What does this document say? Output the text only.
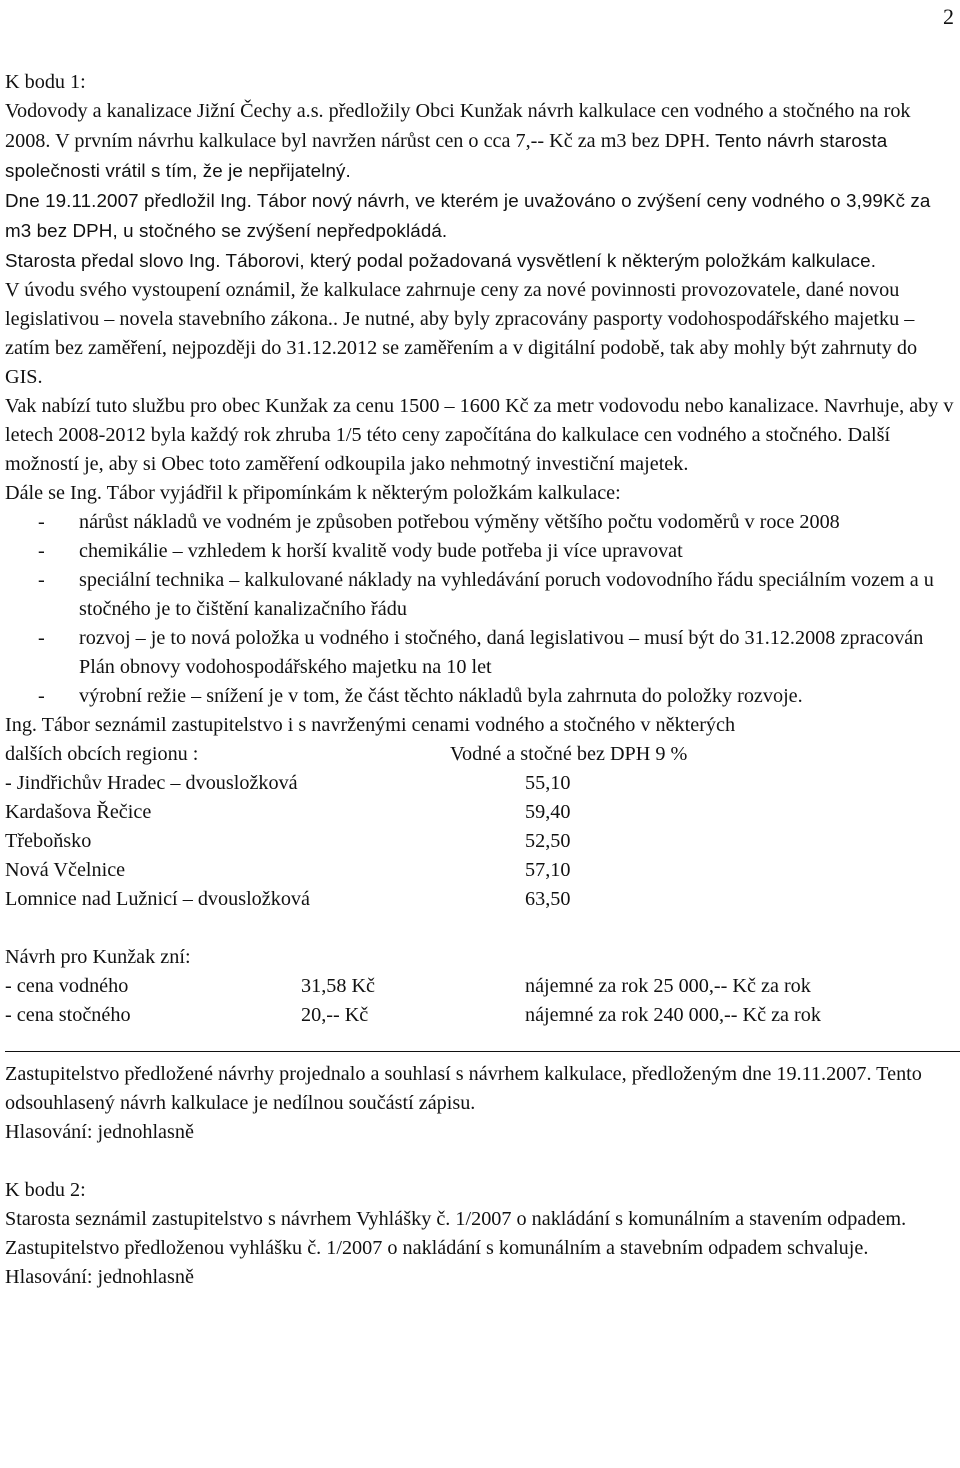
2

K bodu 1:

Vodovody a kanalizace Jižní Čechy a.s. předložily Obci Kunžak návrh kalkulace cen vodného a stočného na rok 2008. V prvním návrhu kalkulace byl navržen nárůst cen o cca 7,-- Kč za m3 bez DPH. Tento návrh starosta společnosti vrátil s tím, že je nepřijatelný.
Dne 19.11.2007 předložil Ing. Tábor nový návrh, ve kterém je uvažováno o zvýšení ceny vodného o 3,99Kč za m3 bez DPH, u stočného se zvýšení nepředpokládá.
Starosta předal slovo Ing. Táborovi, který podal požadovaná vysvětlení k některým položkám kalkulace.

V úvodu svého vystoupení oznámil, že kalkulace zahrnuje ceny za nové povinnosti provozovatele, dané novou legislativou – novela stavebního zákona.. Je nutné, aby byly zpracovány pasporty vodohospodářského majetku – zatím bez zaměření, nejpozději do 31.12.2012 se zaměřením a v digitální podobě, tak aby mohly být zahrnuty do GIS.

Vak nabízí tuto službu pro obec Kunžak za cenu 1500 – 1600 Kč za metr vodovodu nebo kanalizace. Navrhuje, aby v letech 2008-2012 byla každý rok zhruba 1/5 této ceny započítána do kalkulace cen vodného a stočného. Další možností je, aby si Obec toto zaměření odkoupila jako nehmotný investiční majetek.

Dále se Ing. Tábor vyjádřil k připomínkám k některým položkám kalkulace:

- nárůst nákladů ve vodném je způsoben potřebou výměny většího počtu vodoměrů v roce 2008
- chemikálie – vzhledem k horší kvalitě vody bude potřeba ji více upravovat
- speciální technika – kalkulované náklady na vyhledávání poruch vodovodního řádu speciálním vozem a u stočného je to čištění kanalizačního řádu
- rozvoj – je to nová položka u vodného i stočného, daná legislativou – musí být do 31.12.2008 zpracován Plán obnovy vodohospodářského majetku na 10 let
- výrobní režie – snížení je v tom, že část těchto nákladů byla zahrnuta do položky rozvoje.

Ing. Tábor seznámil zastupitelstvo i s navrženými cenami vodného a stočného v některých

dalších obcích regionu :	Vodné a stočné bez DPH 9 %
- Jindřichův Hradec – dvousložková	55,10
Kardašova Řečice	59,40
Třeboňsko	52,50
Nová Včelnice	57,10
Lomnice nad Lužnicí – dvousložková	63,50

Návrh pro Kunžak zní:

- cena vodného	31,58 Kč	nájemné za rok 25 000,-- Kč za rok
- cena stočného	20,-- Kč	nájemné za rok 240 000,-- Kč za rok

Zastupitelstvo předložené návrhy projednalo a souhlasí s návrhem kalkulace, předloženým dne 19.11.2007. Tento odsouhlasený návrh kalkulace je nedílnou součástí zápisu.

Hlasování: jednohlasně

K bodu 2:

Starosta seznámil zastupitelstvo s návrhem Vyhlášky č. 1/2007 o nakládání s komunálním a stavením odpadem.

Zastupitelstvo předloženou vyhlášku č. 1/2007 o nakládání s komunálním a stavebním odpadem schvaluje.

Hlasování: jednohlasně
